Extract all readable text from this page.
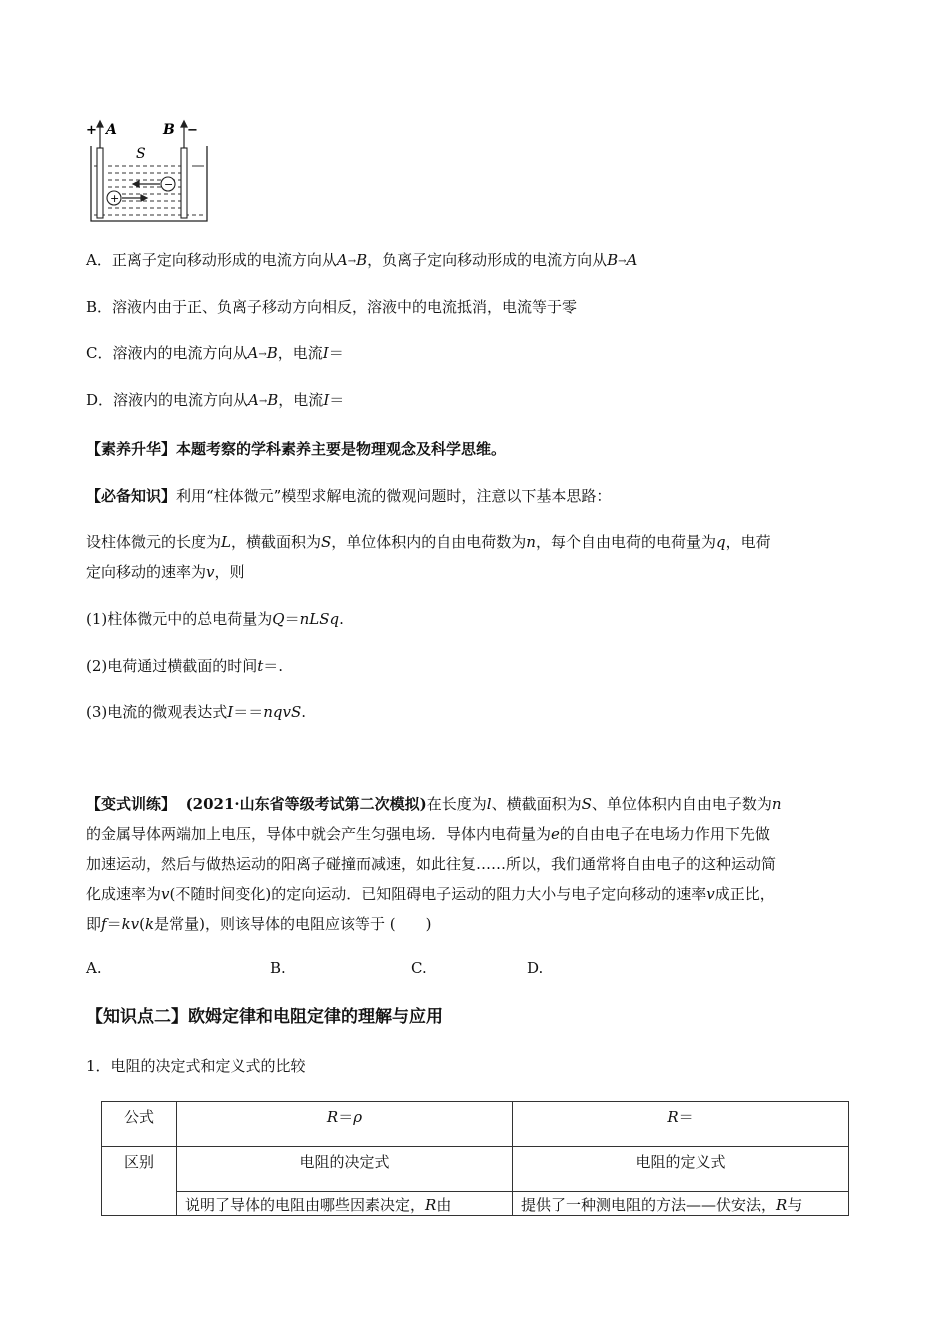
+ A	B −
S
−
+
A．正离子定向移动形成的电流方向从A→B，负离子定向移动形成的电流方向从B→A
B．溶液内由于正、负离子移动方向相反，溶液中的电流抵消，电流等于零
C．溶液内的电流方向从A→B，电流I＝
D．溶液内的电流方向从A→B，电流I＝
【素养升华】本题考察的学科素养主要是物理观念及科学思维。
【必备知识】利用“柱体微元”模型求解电流的微观问题时，注意以下基本思路：
设柱体微元的长度为L，横截面积为S，单位体积内的自由电荷数为n，每个自由电荷的电荷量为q，电荷
定向移动的速率为v，则
(1)柱体微元中的总电荷量为Q＝nLSq.
(2)电荷通过横截面的时间t＝.
(3)电流的微观表达式I＝＝nqvS.
【变式训练】 (2021·山东省等级考试第二次模拟)在长度为l、横截面积为S、单位体积内自由电子数为n
的金属导体两端加上电压，导体中就会产生匀强电场．导体内电荷量为e的自由电子在电场力作用下先做
加速运动，然后与做热运动的阳离子碰撞而减速，如此往复……所以，我们通常将自由电子的这种运动简
化成速率为v(不随时间变化)的定向运动．已知阻碍电子运动的阻力大小与电子定向移动的速率v成正比，
即f＝kv(k是常量)，则该导体的电阻应该等于 (　　)
A.	B.	C.	D.
【知识点二】欧姆定律和电阻定律的理解与应用
1．电阻的决定式和定义式的比较
公式	R＝ρ	R＝
区别	电阻的决定式	电阻的定义式
	说明了导体的电阻由哪些因素决定，R由	提供了一种测电阻的方法——伏安法，R与
